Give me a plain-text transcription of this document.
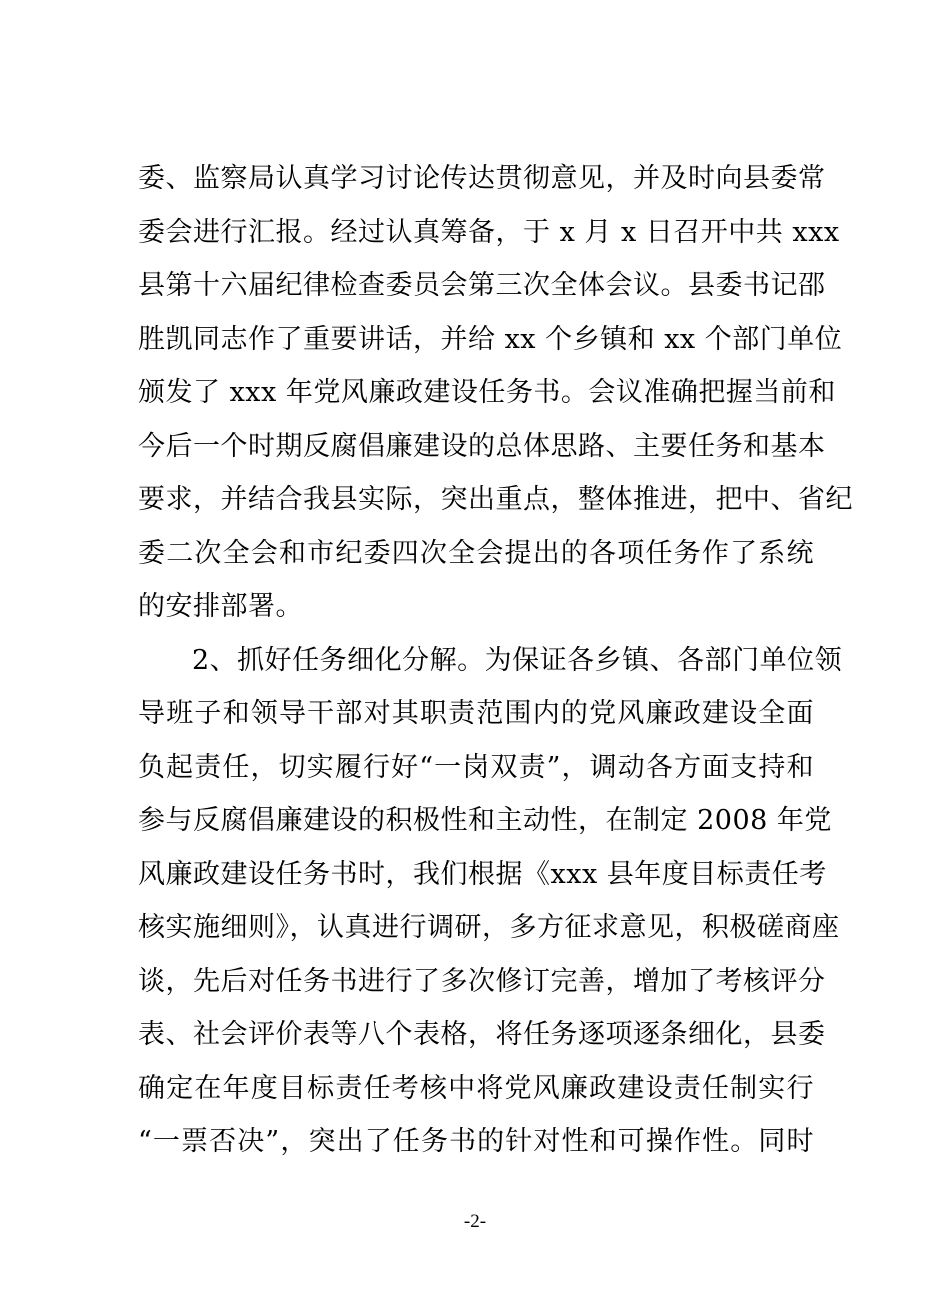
委、监察局认真学习讨论传达贯彻意见，并及时向县委常
委会进行汇报。经过认真筹备，于 x 月 x 日召开中共 xxx
县第十六届纪律检查委员会第三次全体会议。县委书记邵
胜凯同志作了重要讲话，并给 xx 个乡镇和 xx 个部门单位
颁发了 xxx 年党风廉政建设任务书。会议准确把握当前和
今后一个时期反腐倡廉建设的总体思路、主要任务和基本
要求，并结合我县实际，突出重点，整体推进，把中、省纪
委二次全会和市纪委四次全会提出的各项任务作了系统
的安排部署。
2、抓好任务细化分解。为保证各乡镇、各部门单位领
导班子和领导干部对其职责范围内的党风廉政建设全面
负起责任，切实履行好“一岗双责”，调动各方面支持和
参与反腐倡廉建设的积极性和主动性，在制定 2008 年党
风廉政建设任务书时，我们根据《xxx 县年度目标责任考
核实施细则》，认真进行调研，多方征求意见，积极磋商座
谈，先后对任务书进行了多次修订完善，增加了考核评分
表、社会评价表等八个表格，将任务逐项逐条细化，县委
确定在年度目标责任考核中将党风廉政建设责任制实行
“一票否决”，突出了任务书的针对性和可操作性。同时
-2-
